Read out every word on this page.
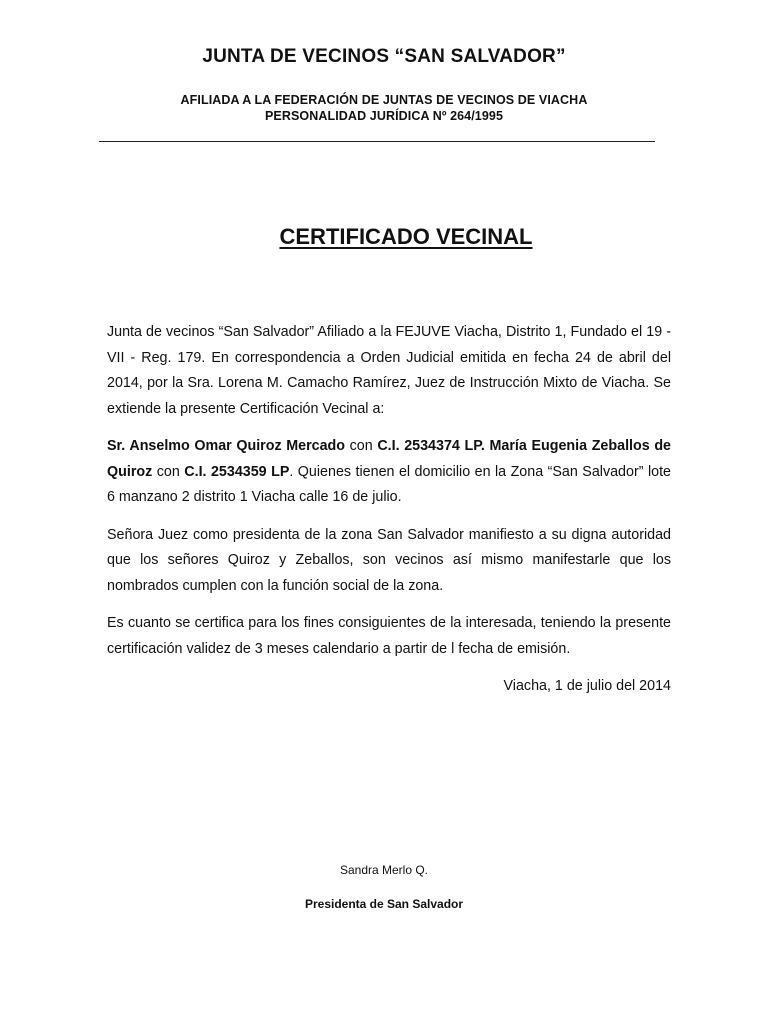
JUNTA DE VECINOS “SAN SALVADOR”
AFILIADA A LA FEDERACIÓN DE JUNTAS DE VECINOS DE VIACHA
PERSONALIDAD JURÍDICA Nº 264/1995
CERTIFICADO VECINAL

Junta de vecinos “San Salvador” Afiliado a la FEJUVE Viacha, Distrito 1, Fundado el 19 - VII - Reg. 179. En correspondencia a Orden Judicial emitida en fecha 24 de abril del 2014, por la Sra. Lorena M. Camacho Ramírez, Juez de Instrucción Mixto de Viacha. Se extiende la presente Certificación Vecinal a:

Sr. Anselmo Omar Quiroz Mercado con C.I. 2534374 LP. María Eugenia Zeballos de Quiroz con C.I. 2534359 LP. Quienes tienen el domicilio en la Zona “San Salvador” lote 6 manzano 2 distrito 1 Viacha calle 16 de julio.

Señora Juez como presidenta de la zona San Salvador manifiesto a su digna autoridad que los señores Quiroz y Zeballos, son vecinos así mismo manifestarle que los nombrados cumplen con la función social de la zona.

Es cuanto se certifica para los fines consiguientes de la interesada, teniendo la presente certificación validez de 3 meses calendario a partir de l fecha de emisión.

Viacha, 1 de julio del 2014

Sandra Merlo Q.
Presidenta de San Salvador
